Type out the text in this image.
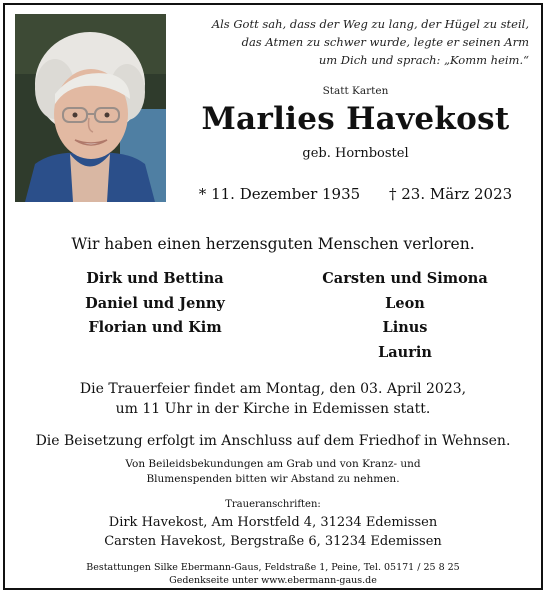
Als Gott sah, dass der Weg zu lang, der Hügel zu steil,
das Atmen zu schwer wurde, legte er seinen Arm
um Dich und sprach: „Komm heim.“
Statt Karten
Marlies Havekost
geb. Hornbostel
* 11. Dezember 1935 † 23. März 2023
Wir haben einen herzensguten Menschen verloren.
Dirk und Bettina
Daniel und Jenny
Florian und Kim
Carsten und Simona
Leon
Linus
Laurin
Die Trauerfeier findet am Montag, den 03. April 2023,
um 11 Uhr in der Kirche in Edemissen statt.
Die Beisetzung erfolgt im Anschluss auf dem Friedhof in Wehnsen.
Von Beileidsbekundungen am Grab und von Kranz- und
Blumenspenden bitten wir Abstand zu nehmen.
Traueranschriften:
Dirk Havekost, Am Horstfeld 4, 31234 Edemissen
Carsten Havekost, Bergstraße 6, 31234 Edemissen
Bestattungen Silke Ebermann-Gaus, Feldstraße 1, Peine, Tel. 05171 / 25 8 25
Gedenkseite unter www.ebermann-gaus.de
